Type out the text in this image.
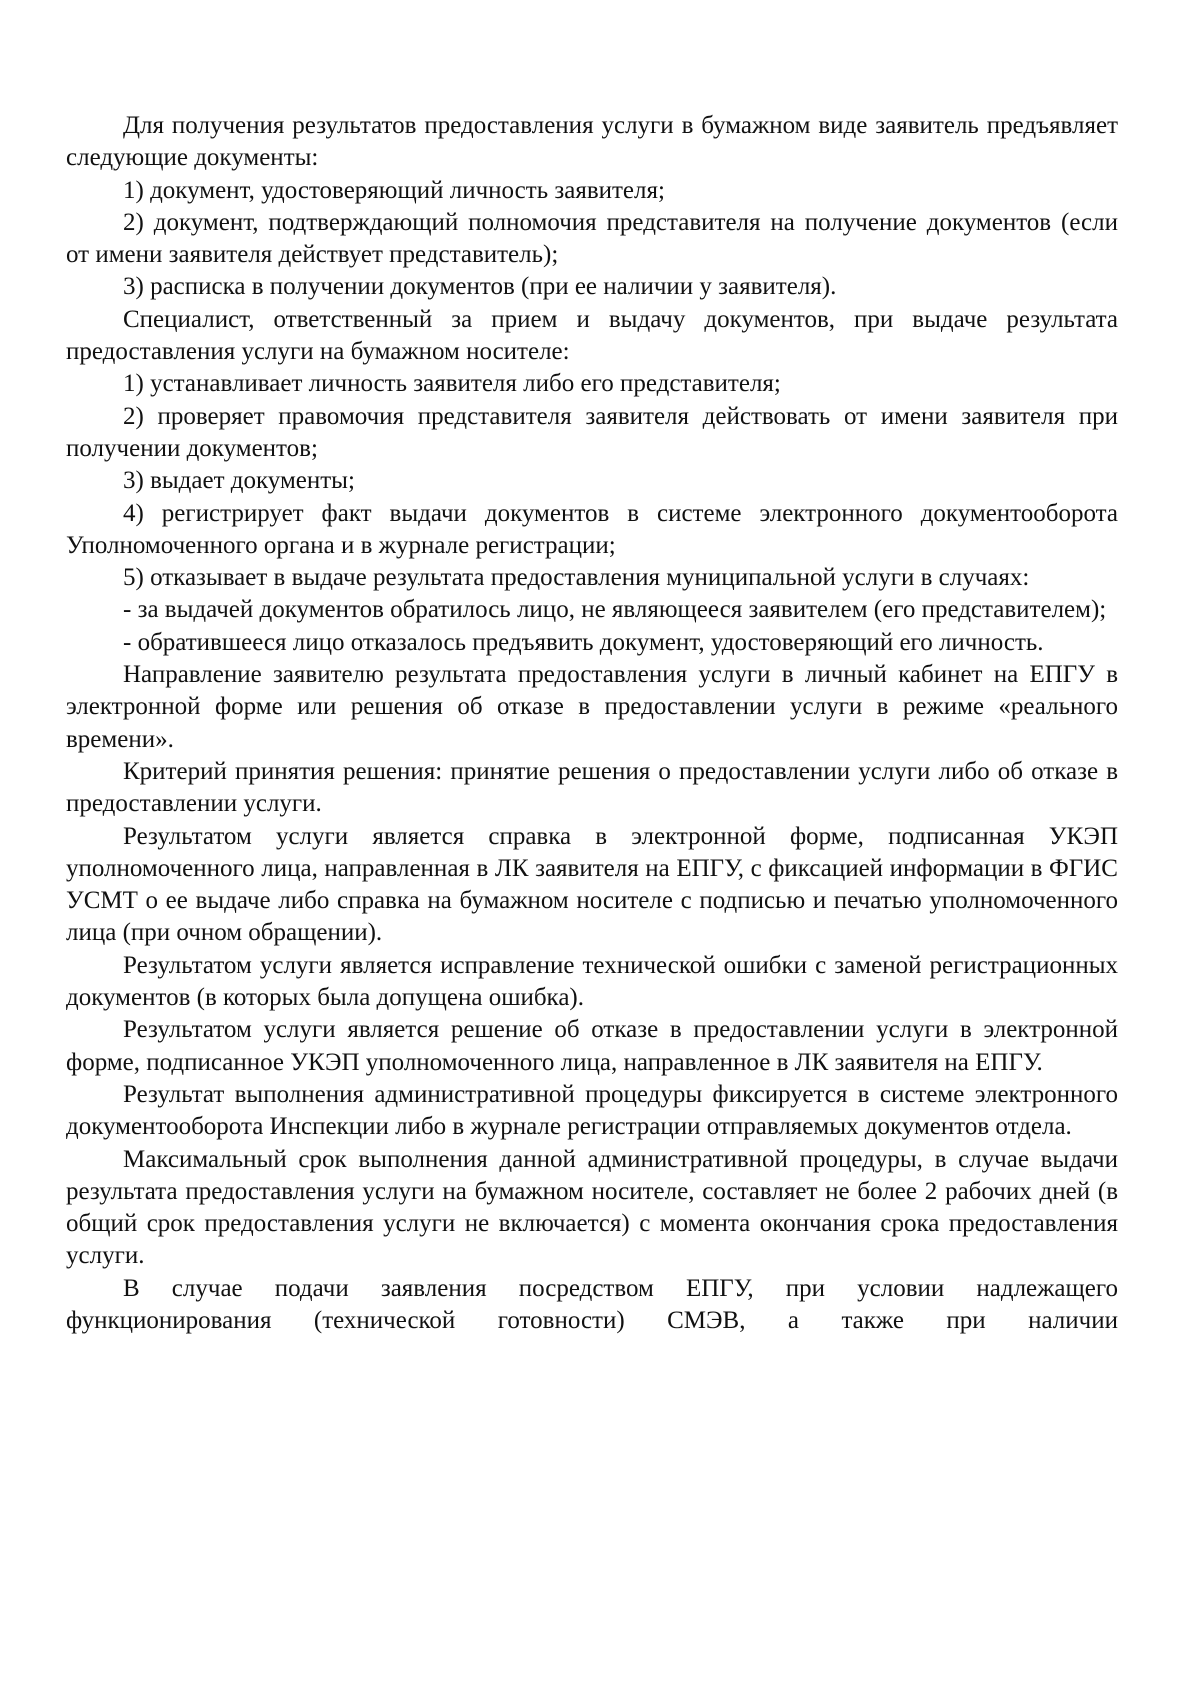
Для получения результатов предоставления услуги в бумажном виде заявитель предъявляет следующие документы:

1) документ, удостоверяющий личность заявителя;

2) документ, подтверждающий полномочия представителя на получение документов (если от имени заявителя действует представитель);

3) расписка в получении документов (при ее наличии у заявителя).

Специалист, ответственный за прием и выдачу документов, при выдаче результата предоставления услуги на бумажном носителе:

1) устанавливает личность заявителя либо его представителя;

2) проверяет правомочия представителя заявителя действовать от имени заявителя при получении документов;

3) выдает документы;

4) регистрирует факт выдачи документов в системе электронного документооборота Уполномоченного органа и в журнале регистрации;

5) отказывает в выдаче результата предоставления муниципальной услуги в случаях:

- за выдачей документов обратилось лицо, не являющееся заявителем (его представителем);

- обратившееся лицо отказалось предъявить документ, удостоверяющий его личность.

Направление заявителю результата предоставления услуги в личный кабинет на ЕПГУ в электронной форме или решения об отказе в предоставлении услуги в режиме «реального времени».

Критерий принятия решения: принятие решения о предоставлении услуги либо об отказе в предоставлении услуги.

Результатом услуги является справка в электронной форме, подписанная УКЭП уполномоченного лица, направленная в ЛК заявителя на ЕПГУ, с фиксацией информации в ФГИС УСМТ о ее выдаче либо справка на бумажном носителе с подписью и печатью уполномоченного лица (при очном обращении).

Результатом услуги является исправление технической ошибки с заменой регистрационных документов (в которых была допущена ошибка).

Результатом услуги является решение об отказе в предоставлении услуги в электронной форме, подписанное УКЭП уполномоченного лица, направленное в ЛК заявителя на ЕПГУ.

Результат выполнения административной процедуры фиксируется в системе электронного документооборота Инспекции либо в журнале регистрации отправляемых документов отдела.

Максимальный срок выполнения данной административной процедуры, в случае выдачи результата предоставления услуги на бумажном носителе, составляет не более 2 рабочих дней (в общий срок предоставления услуги не включается) с момента окончания срока предоставления услуги.

В случае подачи заявления посредством ЕПГУ, при условии надлежащего функционирования (технической готовности) СМЭВ, а также при наличии
